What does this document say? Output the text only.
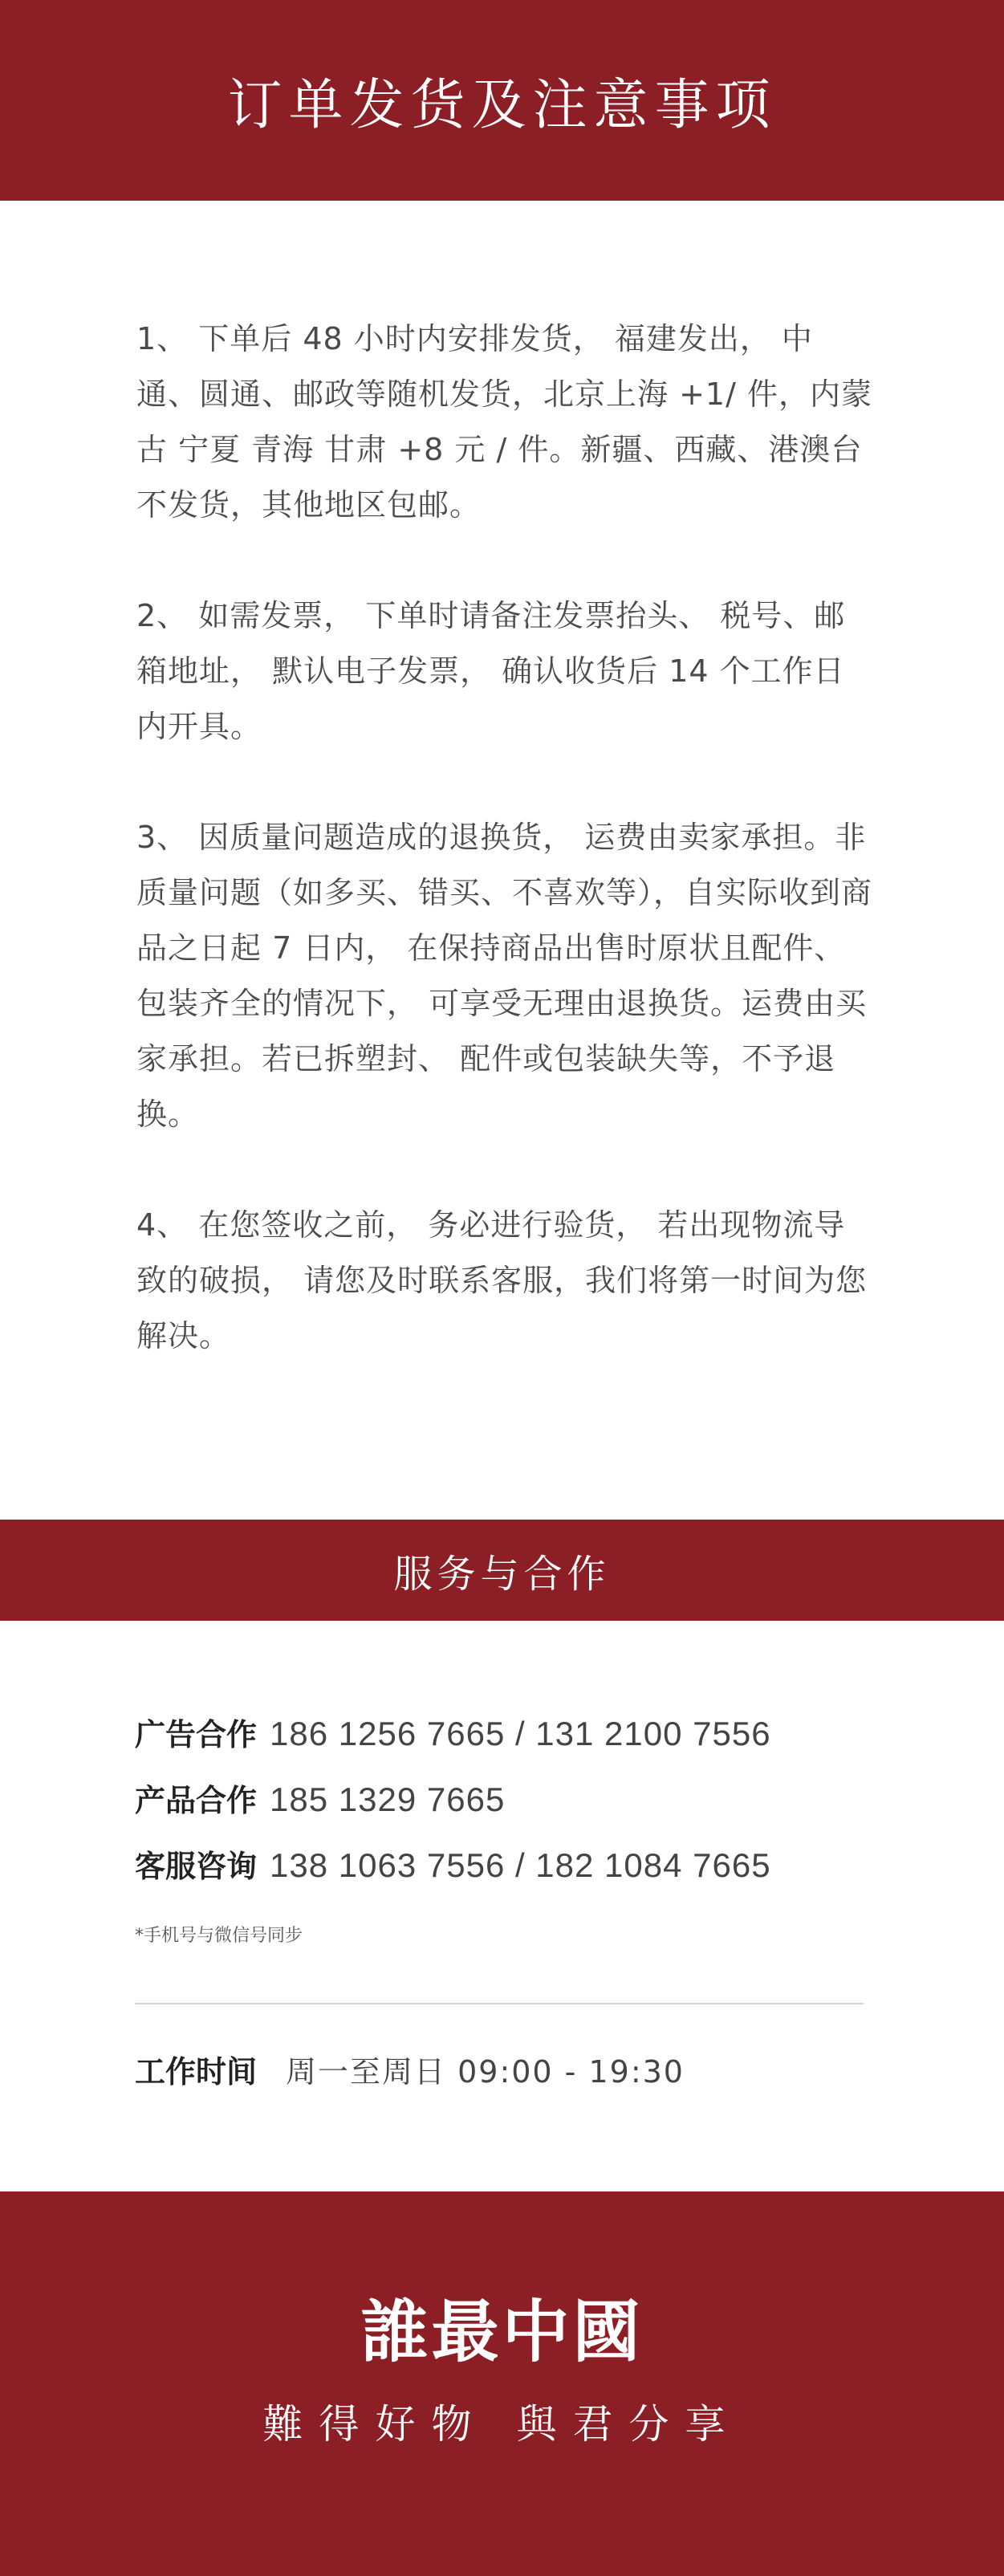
订单发货及注意事项

1、 下单后 48 小时内安排发货， 福建发出， 中通、圆通、邮政等随机发货，北京上海 +1/ 件，内蒙古 宁夏 青海 甘肃 +8 元 / 件。新疆、西藏、港澳台不发货，其他地区包邮。

2、 如需发票， 下单时请备注发票抬头、 税号、邮箱地址， 默认电子发票， 确认收货后 14 个工作日内开具。

3、 因质量问题造成的退换货， 运费由卖家承担。非质量问题（如多买、错买、不喜欢等），自实际收到商品之日起 7 日内， 在保持商品出售时原状且配件、包装齐全的情况下， 可享受无理由退换货。运费由买家承担。若已拆塑封、 配件或包装缺失等，不予退换。

4、 在您签收之前， 务必进行验货， 若出现物流导致的破损， 请您及时联系客服，我们将第一时间为您解决。

服务与合作
广告合作 186 1256 7665 / 131 2100 7556
产品合作 185 1329 7665
客服咨询 138 1063 7556 / 182 1084 7665
*手机号与微信号同步
工作时间 周一至周日 09:00 - 19:30
誰最中國
難得好物 與君分享
